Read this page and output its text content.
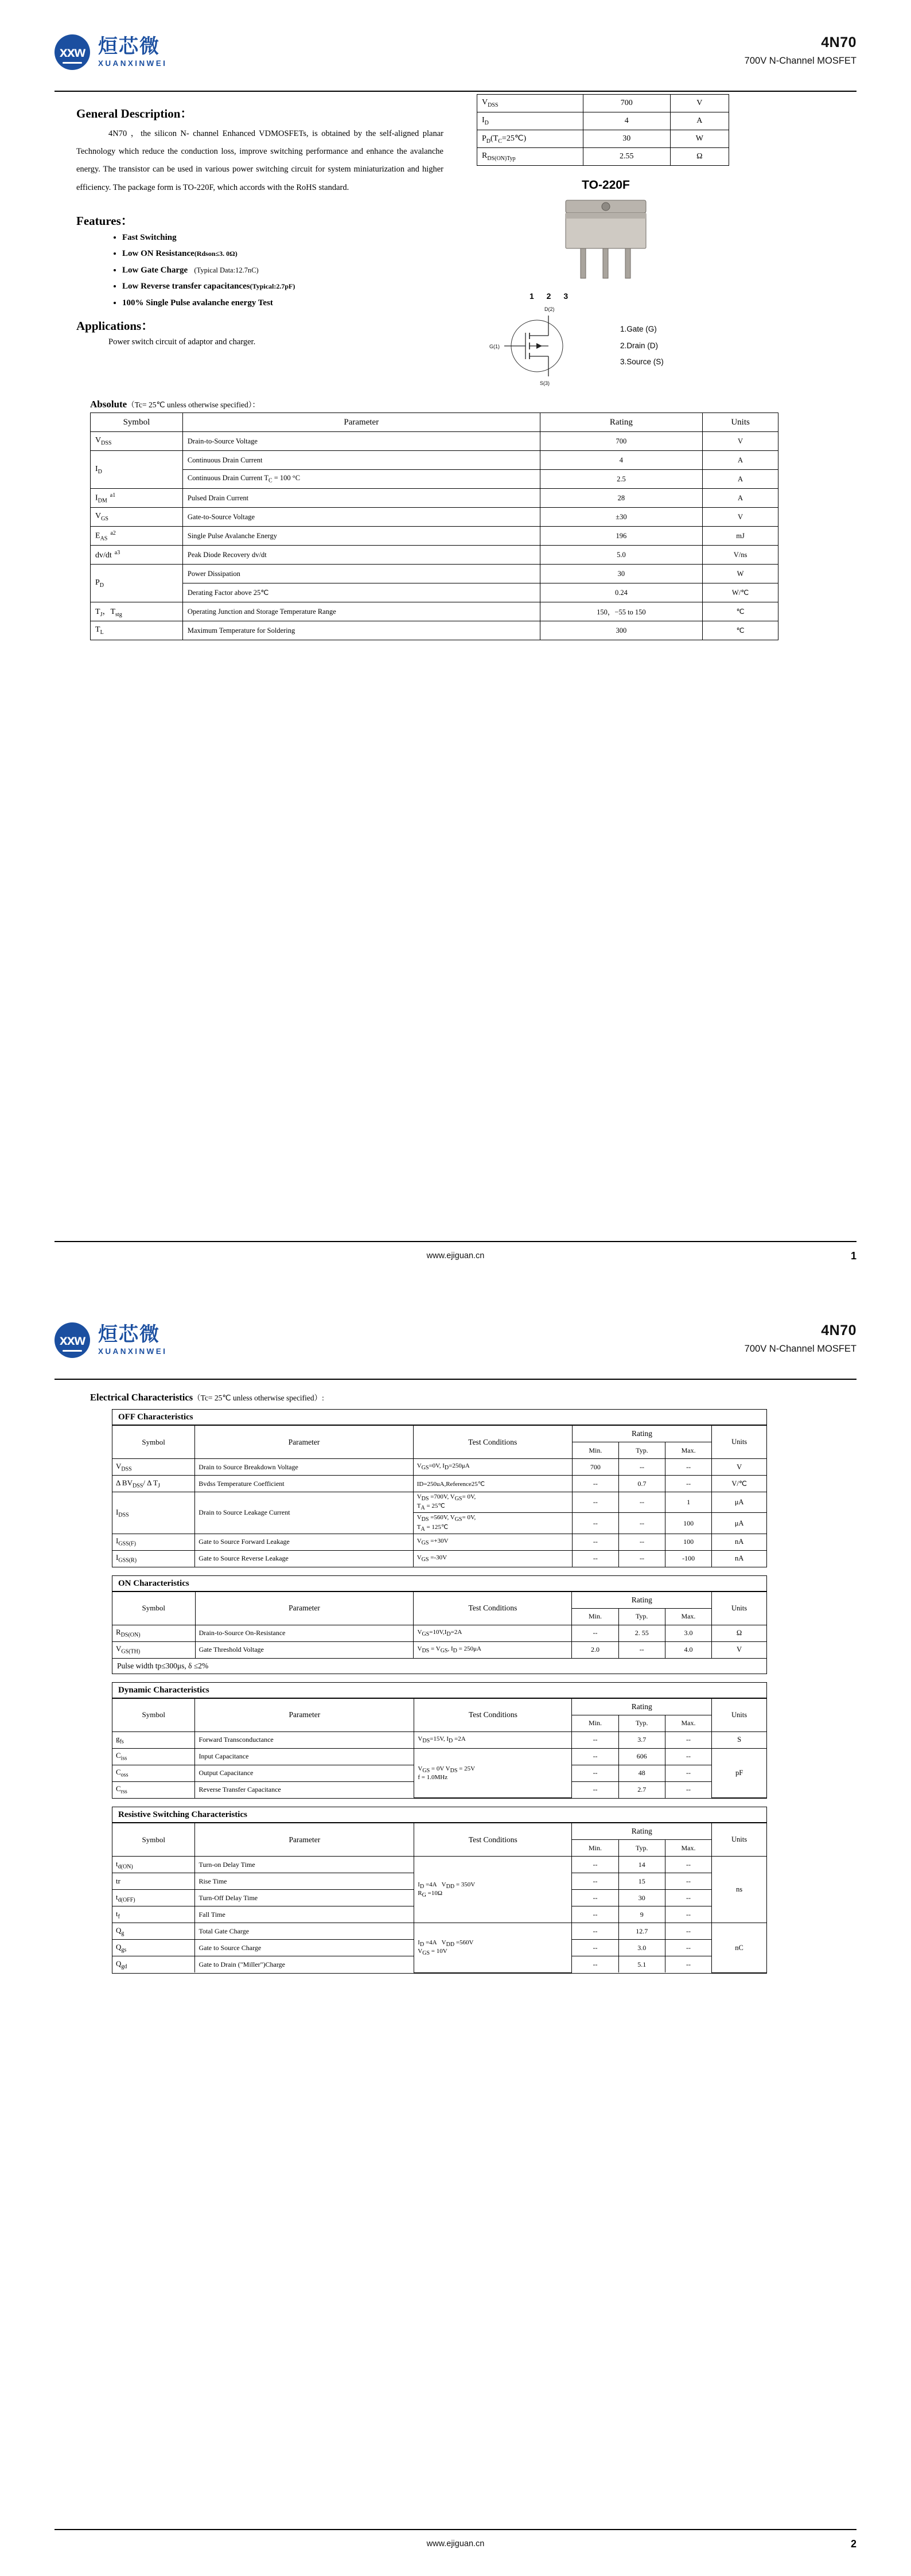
xxw 烜芯微
XUANXINWEI
4N70
700V N-Channel MOSFET
General Description：

4N70 ，the silicon N- channel Enhanced VDMOSFETs, is obtained by the self-aligned planar Technology which reduce the conduction loss, improve switching performance and enhance the avalanche energy. The transistor can be used in various power switching circuit for system miniaturization and higher efficiency. The package form is TO-220F, which accords with the RoHS standard.

Features：
• Fast Switching
• Low ON Resistance(Rdson≤3. 0Ω)
• Low Gate Charge (Typical Data:12.7nC)
• Low Reverse transfer capacitances(Typical:2.7pF)
• 100% Single Pulse avalanche energy Test
Applications：
Power switch circuit of adaptor and charger.
$V_{DSS}$	700	V
$I_D$	4	A
$P_D(T_C=25℃)$	30	W
$R_{DS(ON)Typ}$	2.55	Ω
TO-220F
1 2 3
D(2)
G(1)
S(3)
1.Gate (G)
2.Drain (D)
3.Source (S)
Absolute（Tc= 25℃ unless otherwise specified）：
Symbol	Parameter	Rating	Units
$V_{DSS}$	Drain-to-Source Voltage	700	V
$I_D$	Continuous Drain Current	4	A
	Continuous Drain Current $T_C = 100$ °C	2.5	A
$I_{DM}$  $^{a1}$	Pulsed Drain Current	28	A
$V_{GS}$	Gate-to-Source Voltage	±30	V
$E_{AS}$  $^{a2}$	Single Pulse Avalanche Energy	196	mJ
dv/dt  $^{a3}$	Peak Diode Recovery dv/dt	5.0	V/ns
$P_D$	Power Dissipation	30	W
	Derating Factor above 25℃	0.24	W/℃
$T_J$，$T_{stg}$	Operating Junction and Storage Temperature Range	150，−55 to 150	℃
$T_L$	Maximum Temperature for Soldering	300	℃
www.ejiguan.cn	1
xxw 烜芯微
XUANXINWEI
4N70
700V N-Channel MOSFET
Electrical Characteristics（Tc= 25℃ unless otherwise specified）:
OFF Characteristics
Symbol	Parameter	Test Conditions	Rating			Units
			Min.	Typ.	Max.	
$V_{DSS}$	Drain to Source Breakdown Voltage	$V_{GS}=0V$, $I_D=250\mu A$	700	--	--	V
Δ $BV_{DSS}/$ Δ $T_J$	Bvdss Temperature Coefficient	ID=250uA,Reference25℃	--	0.7	--	V/℃
$I_{DSS}$	Drain to Source Leakage Current	$V_{DS} =700V$, $V_{GS}= 0V$,
$T_A$ = 25℃	--	--	1	μA
		$V_{DS} =560V$, $V_{GS}= 0V$,
$T_A$ = 125℃	--	--	100	μA
$I_{GSS(F)}$	Gate to Source Forward Leakage	$V_{GS} =+30V$	--	--	100	nA
$I_{GSS(R)}$	Gate to Source Reverse Leakage	$V_{GS} =-30V$	--	--	-100	nA
ON Characteristics
Symbol	Parameter	Test Conditions	Rating			Units
			Min.	Typ.	Max.	
$R_{DS(ON)}$	Drain-to-Source On-Resistance	$V_{GS}=10V,I_D=2A$	--	2. 55	3.0	Ω
$V_{GS(TH)}$	Gate Threshold Voltage	$V_{DS} = V_{GS}$, $I_D = 250\mu A$	2.0	--	4.0	V
Pulse width tp≤300μs, δ ≤2%
Dynamic Characteristics
Symbol	Parameter	Test Conditions	Rating			Units
			Min.	Typ.	Max.	
$g_{fs}$	Forward Transconductance	$V_{DS}=15V$, $I_D =2A$	--	3.7	--	S
$C_{iss}$	Input Capacitance	$V_{GS} = 0V$ $V_{DS} = 25V$
f = 1.0MHz	--	606	--	pF
$C_{oss}$	Output Capacitance		--	48	--	
$C_{rss}$	Reverse Transfer Capacitance		--	2.7	--	
Resistive Switching Characteristics
Symbol	Parameter	Test Conditions	Rating			Units
			Min.	Typ.	Max.	
$t_{d(ON)}$	Turn-on Delay Time	$I_D =4A$   $V_{DD} = 350V$
$R_G =10\Omega$	--	14	--	ns
tr	Rise Time		--	15	--	
$t_{d(OFF)}$	Turn-Off Delay Time		--	30	--	
$t_f$	Fall Time		--	9	--	
$Q_g$	Total Gate Charge	$I_D =4A$   $V_{DD} =560V$
$V_{GS} = 10V$	--	12.7	--	nC
$Q_{gs}$	Gate to Source Charge		--	3.0	--	
$Q_{gd}$	Gate to Drain ("Miller")Charge		--	5.1	--	
www.ejiguan.cn	2
